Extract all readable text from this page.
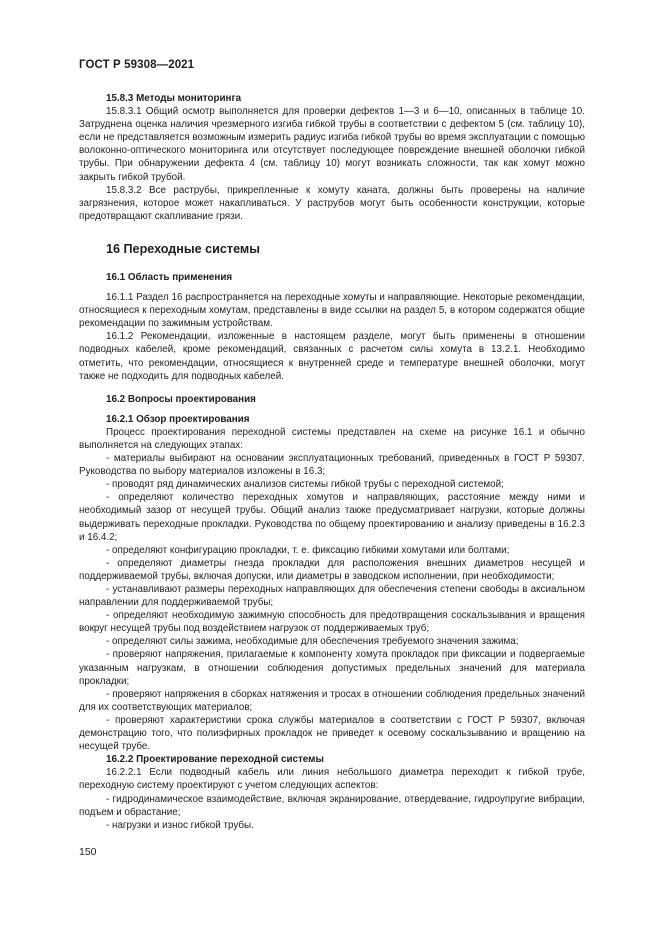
ГОСТ Р 59308—2021

15.8.3 Методы мониторинга

15.8.3.1 Общий осмотр выполняется для проверки дефектов 1—3 и 6—10, описанных в таблице 10. Затруднена оценка наличия чрезмерного изгиба гибкой трубы в соответствии с дефектом 5 (см. таблицу 10), если не представляется возможным измерить радиус изгиба гибкой трубы во время эксплуатации с помощью волоконно-оптического мониторинга или отсутствует последующее повреждение внешней оболочки гибкой трубы. При обнаружении дефекта 4 (см. таблицу 10) могут возникать сложности, так как хомут можно закрыть гибкой трубой.

15.8.3.2 Все раструбы, прикрепленные к хомуту каната, должны быть проверены на наличие загрязнения, которое может накапливаться. У раструбов могут быть особенности конструкции, которые предотвращают скапливание грязи.

16 Переходные системы

16.1 Область применения

16.1.1 Раздел 16 распространяется на переходные хомуты и направляющие. Некоторые рекомендации, относящиеся к переходным хомутам, представлены в виде ссылки на раздел 5, в котором содержатся общие рекомендации по зажимным устройствам.

16.1.2 Рекомендации, изложенные в настоящем разделе, могут быть применены в отношении подводных кабелей, кроме рекомендаций, связанных с расчетом силы хомута в 13.2.1. Необходимо отметить, что рекомендации, относящиеся к внутренней среде и температуре внешней оболочки, могут также не подходить для подводных кабелей.

16.2 Вопросы проектирования

16.2.1 Обзор проектирования

Процесс проектирования переходной системы представлен на схеме на рисунке 16.1 и обычно выполняется на следующих этапах:

- материалы выбирают на основании эксплуатационных требований, приведенных в ГОСТ Р 59307. Руководства по выбору материалов изложены в 16.3;

- проводят ряд динамических анализов системы гибкой трубы с переходной системой;

- определяют количество переходных хомутов и направляющих, расстояние между ними и необходимый зазор от несущей трубы. Общий анализ также предусматривает нагрузки, которые должны выдерживать переходные прокладки. Руководства по общему проектированию и анализу приведены в 16.2.3 и 16.4.2;

- определяют конфигурацию прокладки, т. е. фиксацию гибкими хомутами или болтами;

- определяют диаметры гнезда прокладки для расположения внешних диаметров несущей и поддерживаемой трубы, включая допуски, или диаметры в заводском исполнении, при необходимости;

- устанавливают размеры переходных направляющих для обеспечения степени свободы в аксиальном направлении для поддерживаемой трубы;

- определяют необходимую зажимную способность для предотвращения соскальзывания и вращения вокруг несущей трубы под воздействием нагрузок от поддерживаемых труб;

- определяют силы зажима, необходимые для обеспечения требуемого значения зажима;

- проверяют напряжения, прилагаемые к компоненту хомута прокладок при фиксации и подвергаемые указанным нагрузкам, в отношении соблюдения допустимых предельных значений для материала прокладки;

- проверяют напряжения в сборках натяжения и тросах в отношении соблюдения предельных значений для их соответствующих материалов;

- проверяют характеристики срока службы материалов в соответствии с ГОСТ Р 59307, включая демонстрацию того, что полиэфирных прокладок не приведет к осевому соскальзыванию и вращению на несущей трубе.

16.2.2 Проектирование переходной системы

16.2.2.1 Если подводный кабель или линия небольшого диаметра переходит к гибкой трубе, переходную систему проектируют с учетом следующих аспектов:

- гидродинамическое взаимодействие, включая экранирование, отвердевание, гидроупругие вибрации, подъем и обрастание;

- нагрузки и износ гибкой трубы.

150
